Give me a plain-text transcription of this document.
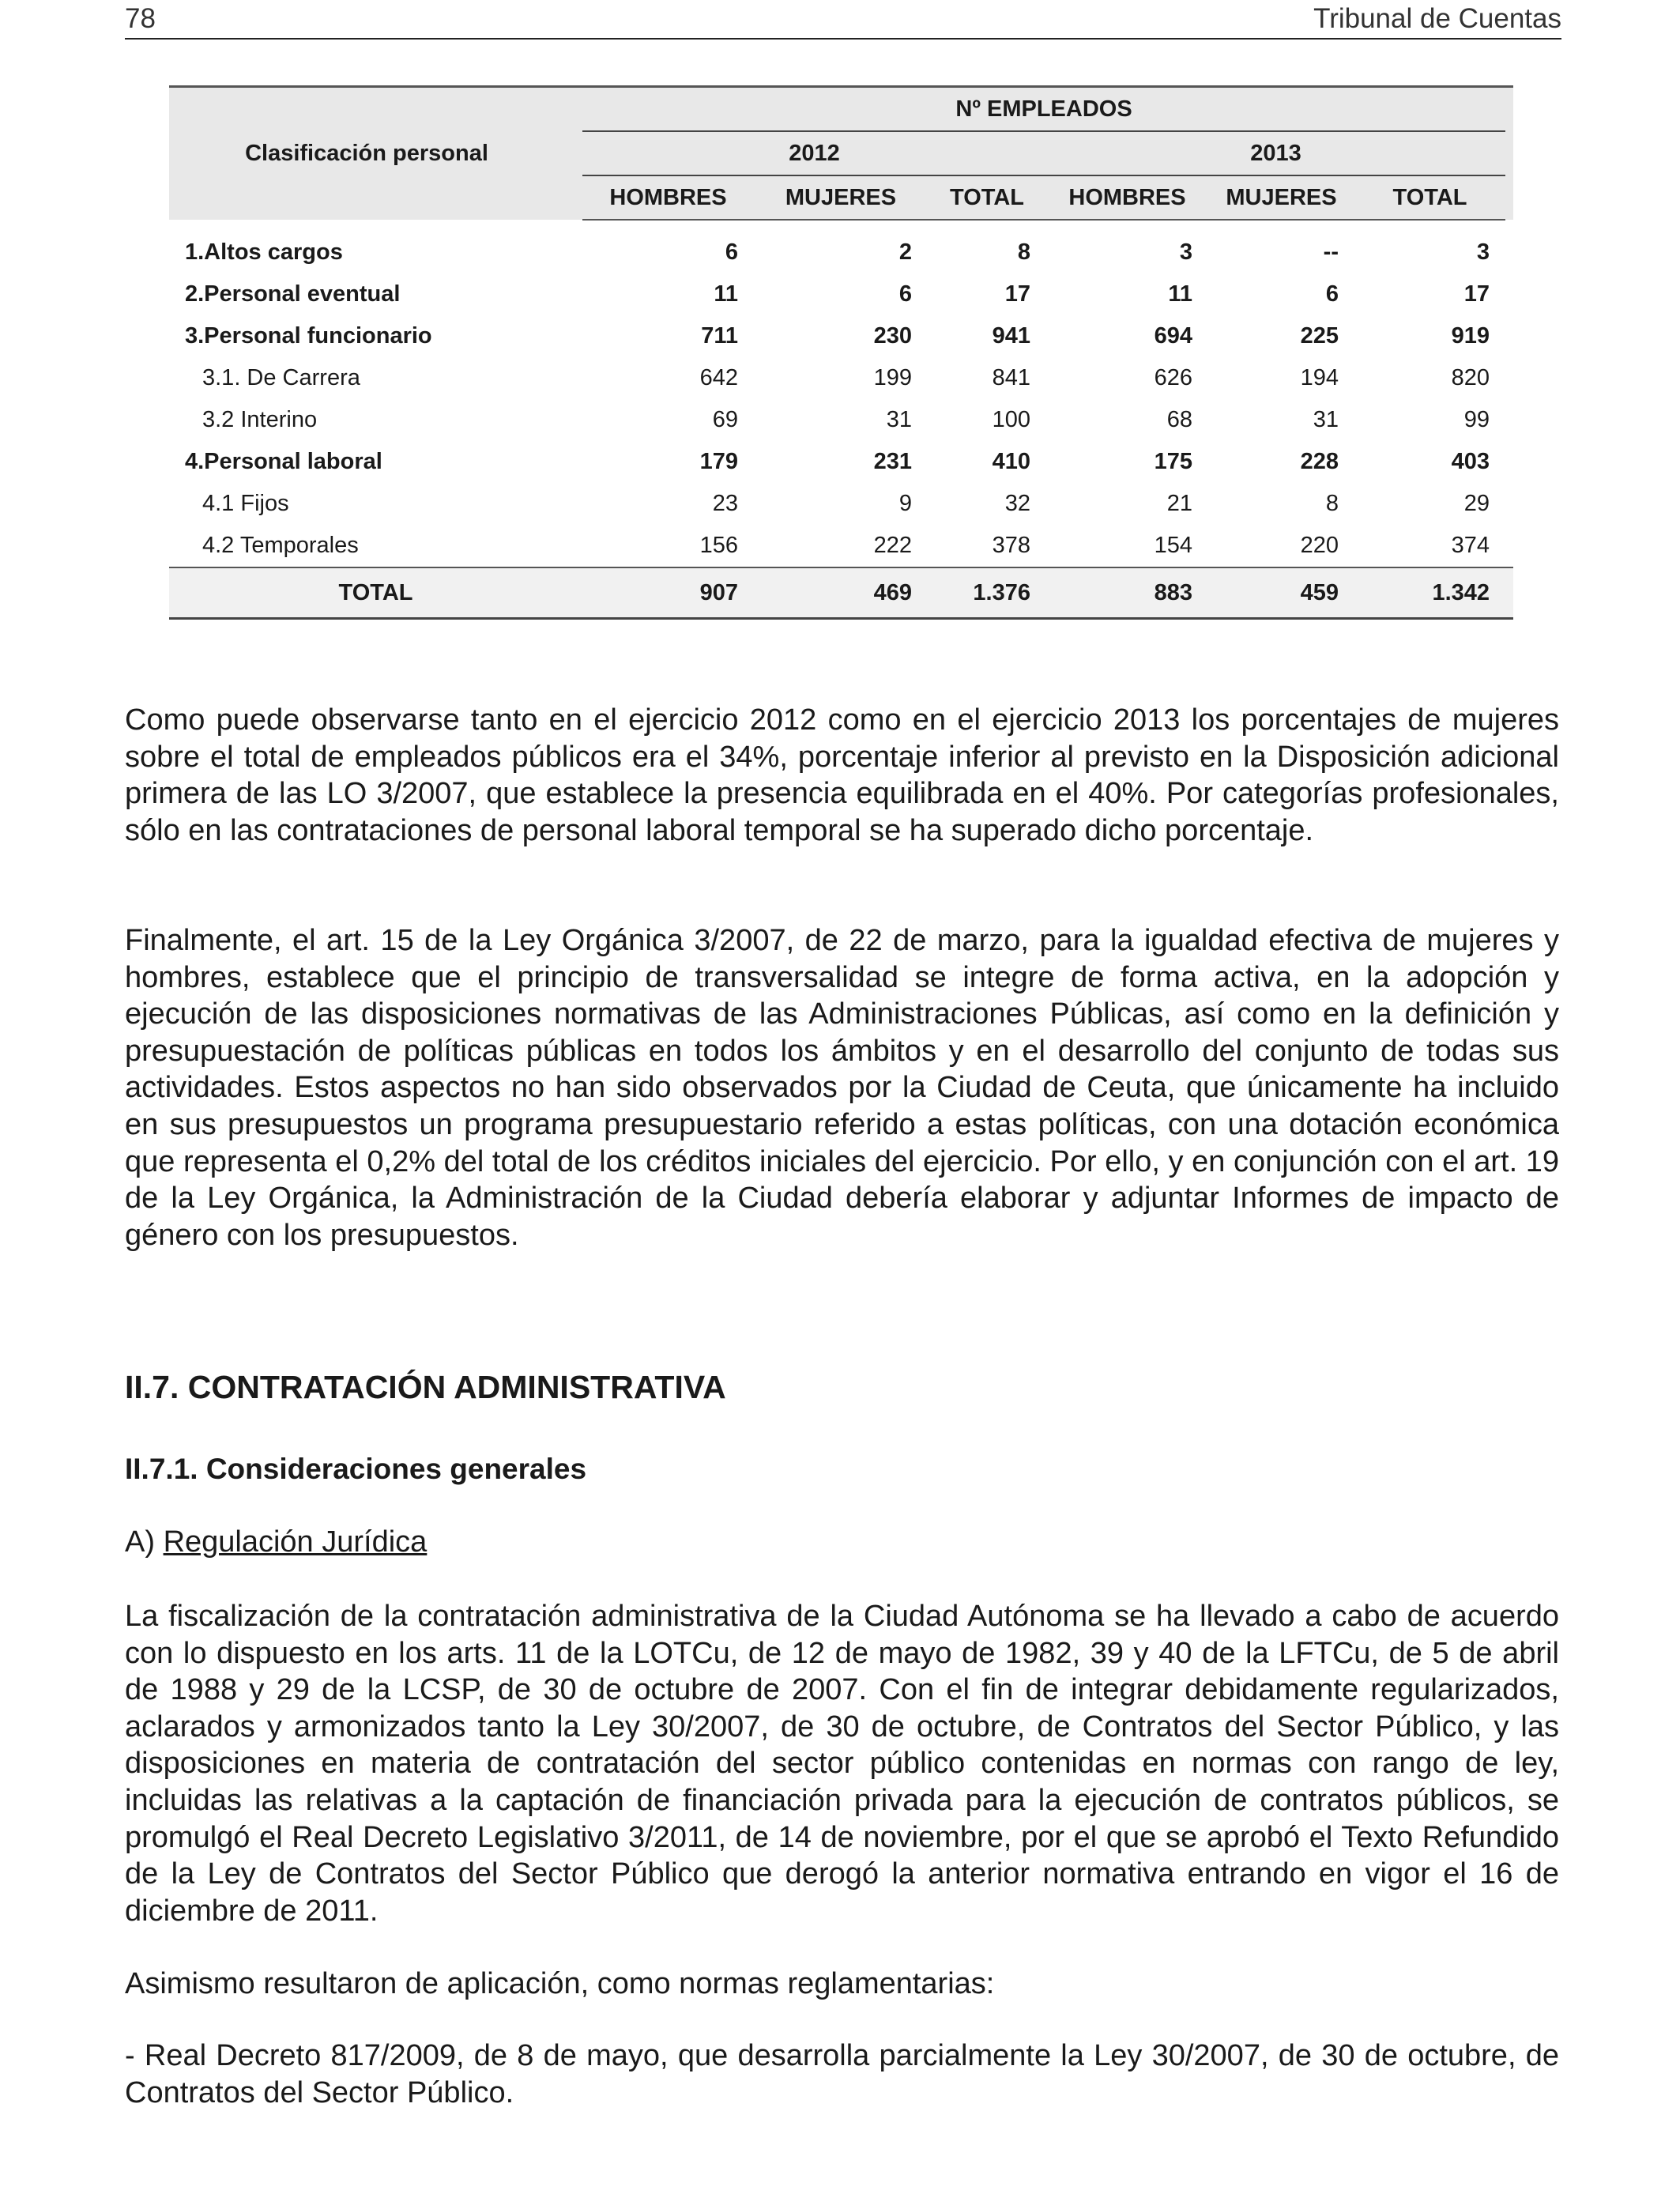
78	Tribunal de Cuentas
Clasificación personal		Nº EMPLEADOS						
		2012			2013			
		HOMBRES	MUJERES	TOTAL	HOMBRES	MUJERES	TOTAL	
1.Altos cargos		6	2	8	3	--	3	
2.Personal eventual		11	6	17	11	6	17	
3.Personal funcionario		711	230	941	694	225	919	
3.1. De Carrera		642	199	841	626	194	820	
3.2 Interino		69	31	100	68	31	99	
4.Personal laboral		179	231	410	175	228	403	
4.1 Fijos		23	9	32	21	8	29	
4.2 Temporales		156	222	378	154	220	374	
TOTAL		907	469	1.376	883	459	1.342	

Como puede observarse tanto en el ejercicio 2012 como en el ejercicio 2013 los porcentajes de mujeres sobre el total de empleados públicos era el 34%, porcentaje inferior al previsto en la Disposición adicional primera de las LO 3/2007, que establece la presencia equilibrada en el 40%. Por categorías profesionales, sólo en las contrataciones de personal laboral temporal se ha superado dicho porcentaje.

Finalmente, el art. 15 de la Ley Orgánica 3/2007, de 22 de marzo, para la igualdad efectiva de mujeres y hombres, establece que el principio de transversalidad se integre de forma activa, en la adopción y ejecución de las disposiciones normativas de las Administraciones Públicas, así como en la definición y presupuestación de políticas públicas en todos los ámbitos y en el desarrollo del conjunto de todas sus actividades. Estos aspectos no han sido observados por la Ciudad de Ceuta, que únicamente ha incluido en sus presupuestos un programa presupuestario referido a estas políticas, con una dotación económica que representa el 0,2% del total de los créditos iniciales del ejercicio. Por ello, y en conjunción con el art. 19 de la Ley Orgánica, la Administración de la Ciudad debería elaborar y adjuntar Informes de impacto de género con los presupuestos.

II.7. CONTRATACIÓN ADMINISTRATIVA
II.7.1. Consideraciones generales
A) Regulación Jurídica

La fiscalización de la contratación administrativa de la Ciudad Autónoma se ha llevado a cabo de acuerdo con lo dispuesto en los arts. 11 de la LOTCu, de 12 de mayo de 1982, 39 y 40 de la LFTCu, de 5 de abril de 1988 y 29 de la LCSP, de 30 de octubre de 2007. Con el fin de integrar debidamente regularizados, aclarados y armonizados tanto la Ley 30/2007, de 30 de octubre, de Contratos del Sector Público, y las disposiciones en materia de contratación del sector público contenidas en normas con rango de ley, incluidas las relativas a la captación de financiación privada para la ejecución de contratos públicos, se promulgó el Real Decreto Legislativo 3/2011, de 14 de noviembre, por el que se aprobó el Texto Refundido de la Ley de Contratos del Sector Público que derogó la anterior normativa entrando en vigor el 16 de diciembre de 2011.

Asimismo resultaron de aplicación, como normas reglamentarias:

- Real Decreto 817/2009, de 8 de mayo, que desarrolla parcialmente la Ley 30/2007, de 30 de octubre, de Contratos del Sector Público.
